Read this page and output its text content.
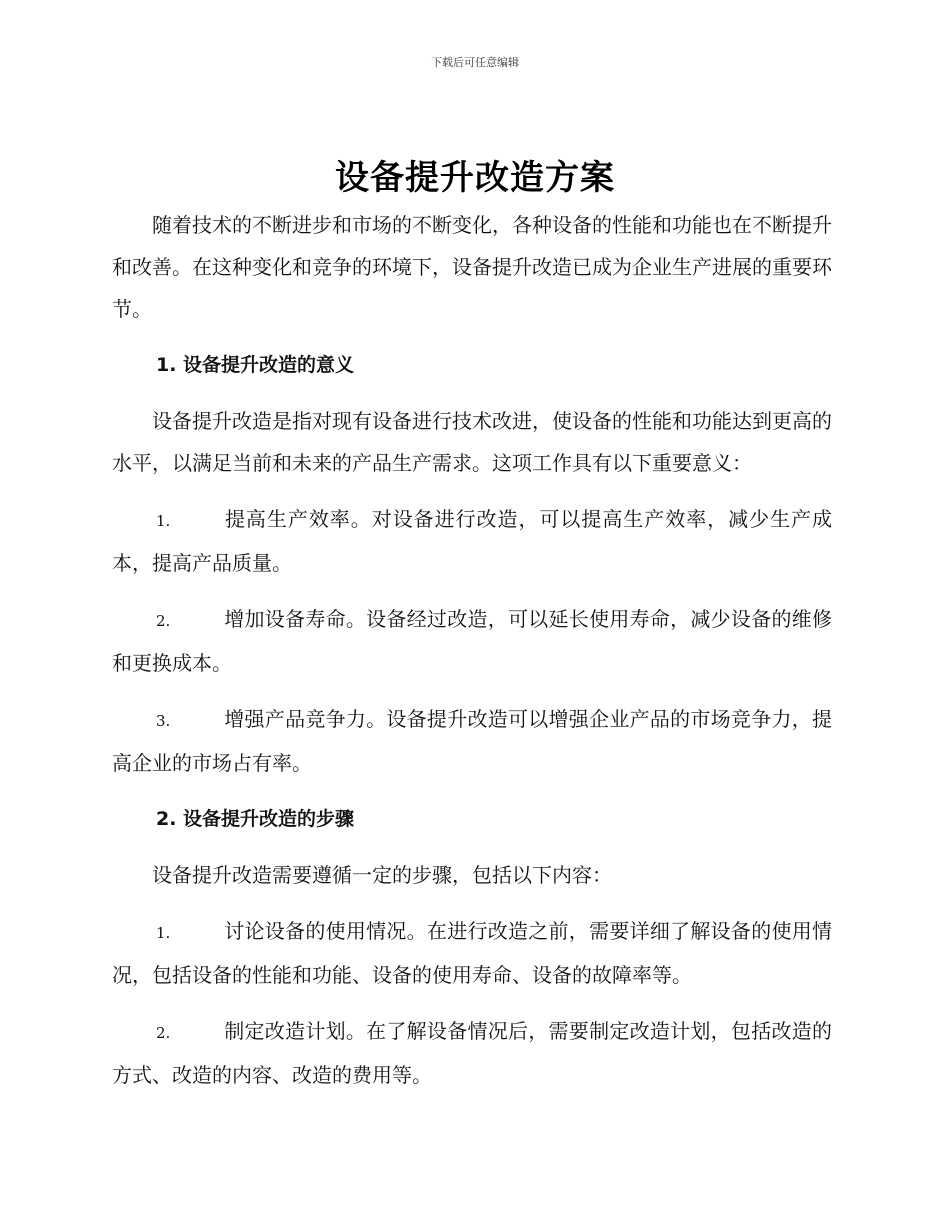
下载后可任意编辑
设备提升改造方案

随着技术的不断进步和市场的不断变化，各种设备的性能和功能也在不断提升和改善。在这种变化和竞争的环境下，设备提升改造已成为企业生产进展的重要环节。

1. 设备提升改造的意义

设备提升改造是指对现有设备进行技术改进，使设备的性能和功能达到更高的水平，以满足当前和未来的产品生产需求。这项工作具有以下重要意义：

1.	提高生产效率。对设备进行改造，可以提高生产效率，减少生产成本，提高产品质量。

2.	增加设备寿命。设备经过改造，可以延长使用寿命，减少设备的维修和更换成本。

3.	增强产品竞争力。设备提升改造可以增强企业产品的市场竞争力，提高企业的市场占有率。

2. 设备提升改造的步骤

设备提升改造需要遵循一定的步骤，包括以下内容：

1.	讨论设备的使用情况。在进行改造之前，需要详细了解设备的使用情况，包括设备的性能和功能、设备的使用寿命、设备的故障率等。

2.	制定改造计划。在了解设备情况后，需要制定改造计划，包括改造的方式、改造的内容、改造的费用等。
